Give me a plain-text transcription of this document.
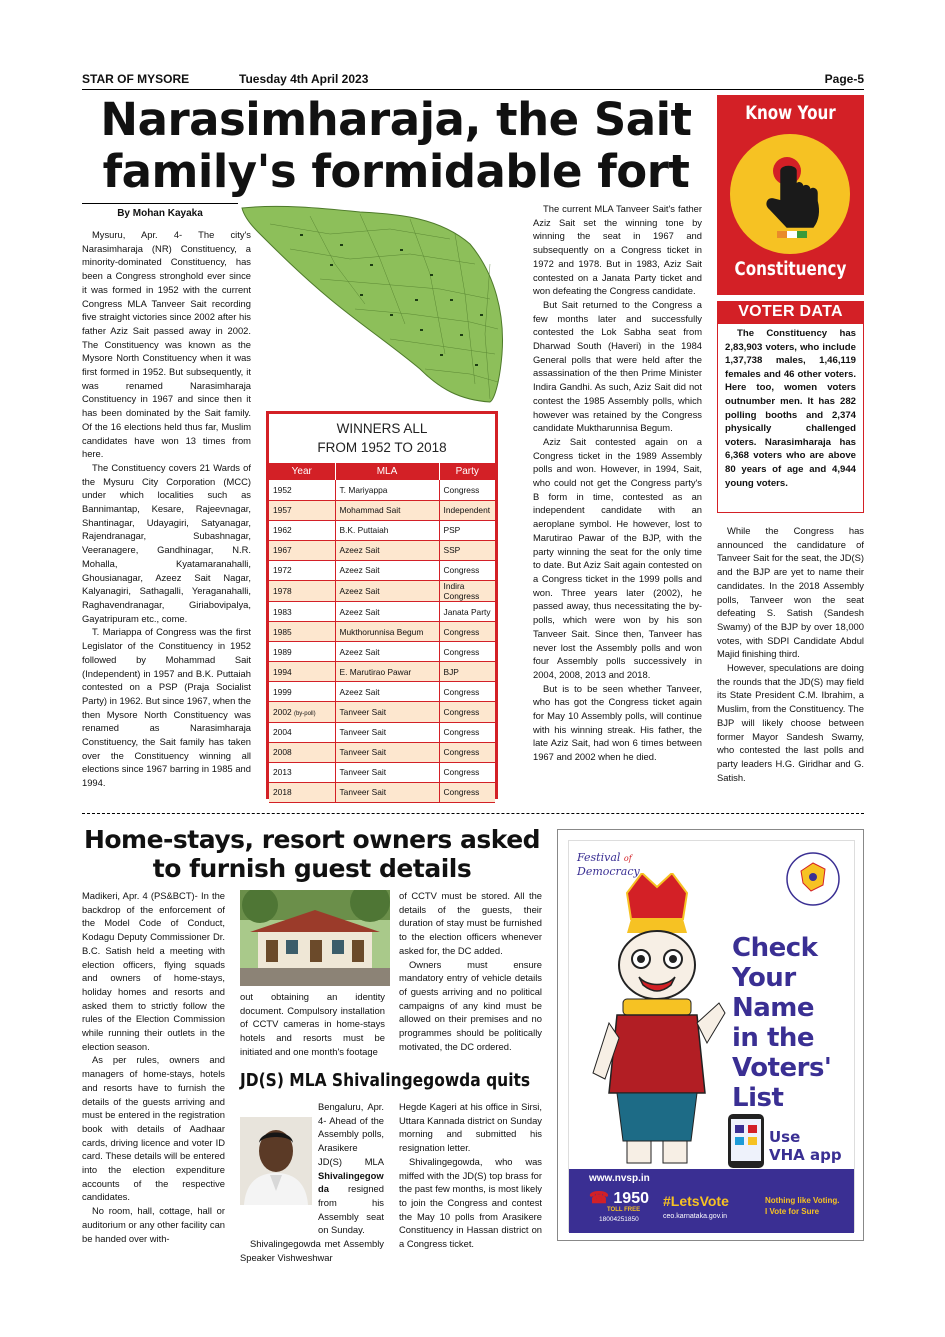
STAR OF MYSORE	Tuesday 4th April 2023	Page-5
Narasimharaja, the Sait family's formidable fort
By Mohan Kayaka

Mysuru, Apr. 4- The city's Narasimharaja (NR) Constituency, a minority-dominated Constituency, has been a Congress stronghold ever since it was formed in 1952 with the current Congress MLA Tanveer Sait recording five straight victories since 2002 after his father Aziz Sait passed away in 2002. The Constituency was known as the Mysore North Constituency when it was first formed in 1952. But subsequently, it was renamed Narasimharaja Constituency in 1967 and since then it has been dominated by the Sait family. Of the 16 elections held thus far, Muslim candidates have won 13 times from here.

The Constituency covers 21 Wards of the Mysuru City Corporation (MCC) under which localities such as Bannimantap, Kesare, Rajeevnagar, Shantinagar, Udayagiri, Satyanagar, Rajendranagar, Subashnagar, Veeranagere, Gandhinagar, N.R. Mohalla, Kyatamaranahalli, Ghousianagar, Azeez Sait Nagar, Kalyanagiri, Sathagalli, Yeraganahalli, Raghavendranagar, Giriabovipalya, Gayatripuram etc., come.

T. Mariappa of Congress was the first Legislator of the Constituency in 1952 followed by Mohammad Sait (Independent) in 1957 and B.K. Puttaiah contested on a PSP (Praja Socialist Party) in 1962. But since 1967, when the then Mysore North Constituency was renamed as Narasimharaja Constituency, the Sait family has taken over the Constituency winning all elections since 1967 barring in 1985 and 1994.

WINNERS ALL
FROM 1952 TO 2018
Year	MLA	Party
1952	T. Mariyappa	Congress
1957	Mohammad Sait	Independent
1962	B.K. Puttaiah	PSP
1967	Azeez Sait	SSP
1972	Azeez Sait	Congress
1978	Azeez Sait	Indira Congress
1983	Azeez Sait	Janata Party
1985	Mukthorunnisa Begum	Congress
1989	Azeez Sait	Congress
1994	E. Marutirao Pawar	BJP
1999	Azeez Sait	Congress
2002 (by-poll)	Tanveer Sait	Congress
2004	Tanveer Sait	Congress
2008	Tanveer Sait	Congress
2013	Tanveer Sait	Congress
2018	Tanveer Sait	Congress

The current MLA Tanveer Sait's father Aziz Sait set the winning tone by winning the seat in 1967 and subsequently on a Congress ticket in 1972 and 1978. But in 1983, Aziz Sait contested on a Janata Party ticket and won defeating the Congress candidate.

But Sait returned to the Congress a few months later and successfully contested the Lok Sabha seat from Dharwad South (Haveri) in the 1984 General polls that were held after the assassination of the then Prime Minister Indira Gandhi. As such, Aziz Sait did not contest the 1985 Assembly polls, which however was retained by the Congress candidate Muktharunnisa Begum.

Aziz Sait contested again on a Congress ticket in the 1989 Assembly polls and won. However, in 1994, Sait, who could not get the Congress party's B form in time, contested as an independent candidate with an aeroplane symbol. He however, lost to Marutirao Pawar of the BJP, with the party winning the seat for the only time to date. But Aziz Sait again contested on a Congress ticket in the 1999 polls and won. Three years later (2002), he passed away, thus necessitating the by-polls, which were won by his son Tanveer Sait. Since then, Tanveer has never lost the Assembly polls and won four Assembly polls successively in 2004, 2008, 2013 and 2018.

But is to be seen whether Tanveer, who has got the Congress ticket again for May 10 Assembly polls, will continue with his winning streak. His father, the late Aziz Sait, had won 6 times between 1967 and 2002 when he died.

Know Your
Constituency
VOTER DATA

The Constituency has 2,83,903 voters, who include 1,37,738 males, 1,46,119 females and 46 other voters. Here too, women voters outnumber men. It has 282 polling booths and 2,374 physically challenged voters. Narasimharaja has 6,368 voters who are above 80 years of age and 4,944 young voters.

While the Congress has announced the candidature of Tanveer Sait for the seat, the JD(S) and the BJP are yet to name their candidates. In the 2018 Assembly polls, Tanveer won the seat defeating S. Satish (Sandesh Swamy) of the BJP by over 18,000 votes, with SDPI Candidate Abdul Majid finishing third.

However, speculations are doing the rounds that the JD(S) may field its State President C.M. Ibrahim, a Muslim, from the Constituency. The BJP will likely choose between former Mayor Sandesh Swamy, who contested the last polls and party leaders H.G. Giridhar and G. Satish.

Home-stays, resort owners asked
to furnish guest details

Madikeri, Apr. 4 (PS&BCT)- In the backdrop of the enforcement of the Model Code of Conduct, Kodagu Deputy Commissioner Dr. B.C. Satish held a meeting with election officers, flying squads and owners of home-stays, holiday homes and resorts and asked them to strictly follow the rules of the Election Commission while running their outlets in the election season.

As per rules, owners and managers of home-stays, hotels and resorts have to furnish the details of the guests arriving and must be entered in the registration book with details of Aadhaar cards, driving licence and voter ID card. These details will be entered into the election expenditure accounts of the respective candidates.

No room, hall, cottage, hall or auditorium or any other facility can be handed over with-

out obtaining an identity document. Compulsory installation of CCTV cameras in home-stays hotels and resorts must be initiated and one month's footage

of CCTV must be stored. All the details of the guests, their duration of stay must be furnished to the election officers whenever asked for, the DC added.

Owners must ensure mandatory entry of vehicle details of guests arriving and no political campaigns of any kind must be allowed on their premises and no programmes should be politically motivated, the DC ordered.

JD(S) MLA Shivalingegowda quits

Bengaluru, Apr. 4- Ahead of the Assembly polls, Arasikere JD(S) MLA Shivalingegowda resigned from his Assembly seat on Sunday.

Shivalingegowda met Assembly Speaker Vishweshwar

Hegde Kageri at his office in Sirsi, Uttara Kannada district on Sunday morning and submitted his resignation letter.

Shivalingegowda, who was miffed with the JD(S) top brass for the past few months, is most likely to join the Congress and contest the May 10 polls from Arasikere Constituency in Hassan district on a Congress ticket.

Festival of
Democracy
Check
Your
Name
in the
Voters'
List
Use
VHA app
www.nvsp.in
☎ 1950
TOLL FREE
18004251850
#LetsVote
ceo.karnataka.gov.in
Nothing like Voting.
I Vote for Sure
